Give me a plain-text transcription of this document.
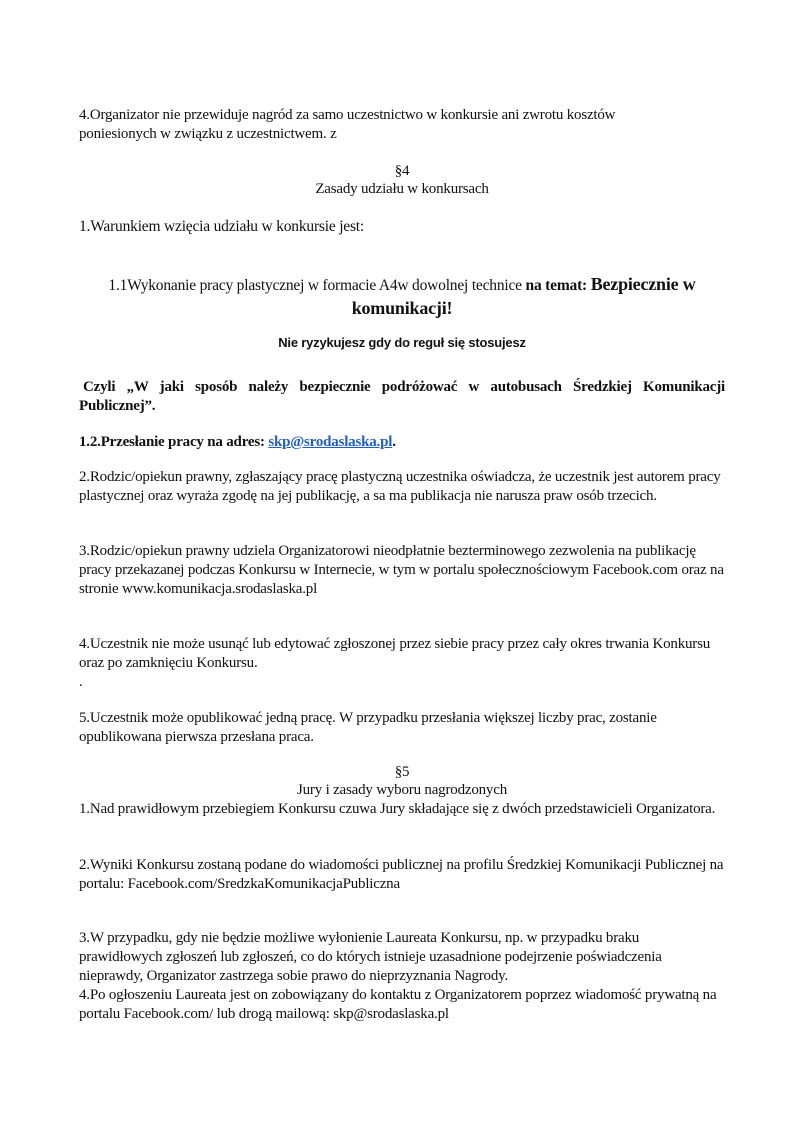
4.Organizator nie przewiduje nagród za samo uczestnictwo w konkursie ani zwrotu kosztów
poniesionych w związku z uczestnictwem. z
§4
Zasady udziału w konkursach
1.Warunkiem wzięcia udziału w konkursie jest:
1.1Wykonanie pracy plastycznej w formacie A4w dowolnej technice na temat: Bezpiecznie w
komunikacji!
Nie ryzykujesz gdy do reguł się stosujesz
Czyli „W jaki sposób należy bezpiecznie podróżować w autobusach Średzkiej Komunikacji Publicznej”.
1.2.Przesłanie pracy na adres: skp@srodaslaska.pl.
2.Rodzic/opiekun prawny, zgłaszający pracę plastyczną uczestnika oświadcza, że uczestnik jest autorem pracy plastycznej oraz wyraża zgodę na jej publikację, a sa ma publikacja nie narusza praw osób trzecich.
3.Rodzic/opiekun prawny udziela Organizatorowi nieodpłatnie bezterminowego zezwolenia na publikację pracy przekazanej podczas Konkursu w Internecie, w tym w portalu społecznościowym Facebook.com oraz na stronie www.komunikacja.srodaslaska.pl
4.Uczestnik nie może usunąć lub edytować zgłoszonej przez siebie pracy przez cały okres trwania Konkursu oraz po zamknięciu Konkursu.
.
5.Uczestnik może opublikować jedną pracę. W przypadku przesłania większej liczby prac, zostanie opublikowana pierwsza przesłana praca.
§5
Jury i zasady wyboru nagrodzonych
1.Nad prawidłowym przebiegiem Konkursu czuwa Jury składające się z dwóch przedstawicieli Organizatora.
2.Wyniki Konkursu zostaną podane do wiadomości publicznej na profilu Średzkiej Komunikacji Publicznej na portalu: Facebook.com/SredzkaKomunikacjaPubliczna
3.W przypadku, gdy nie będzie możliwe wyłonienie Laureata Konkursu, np. w przypadku braku prawidłowych zgłoszeń lub zgłoszeń, co do których istnieje uzasadnione podejrzenie poświadczenia nieprawdy, Organizator zastrzega sobie prawo do nieprzyznania Nagrody.
4.Po ogłoszeniu Laureata jest on zobowiązany do kontaktu z Organizatorem poprzez wiadomość prywatną na portalu Facebook.com/ lub drogą mailową: skp@srodaslaska.pl
